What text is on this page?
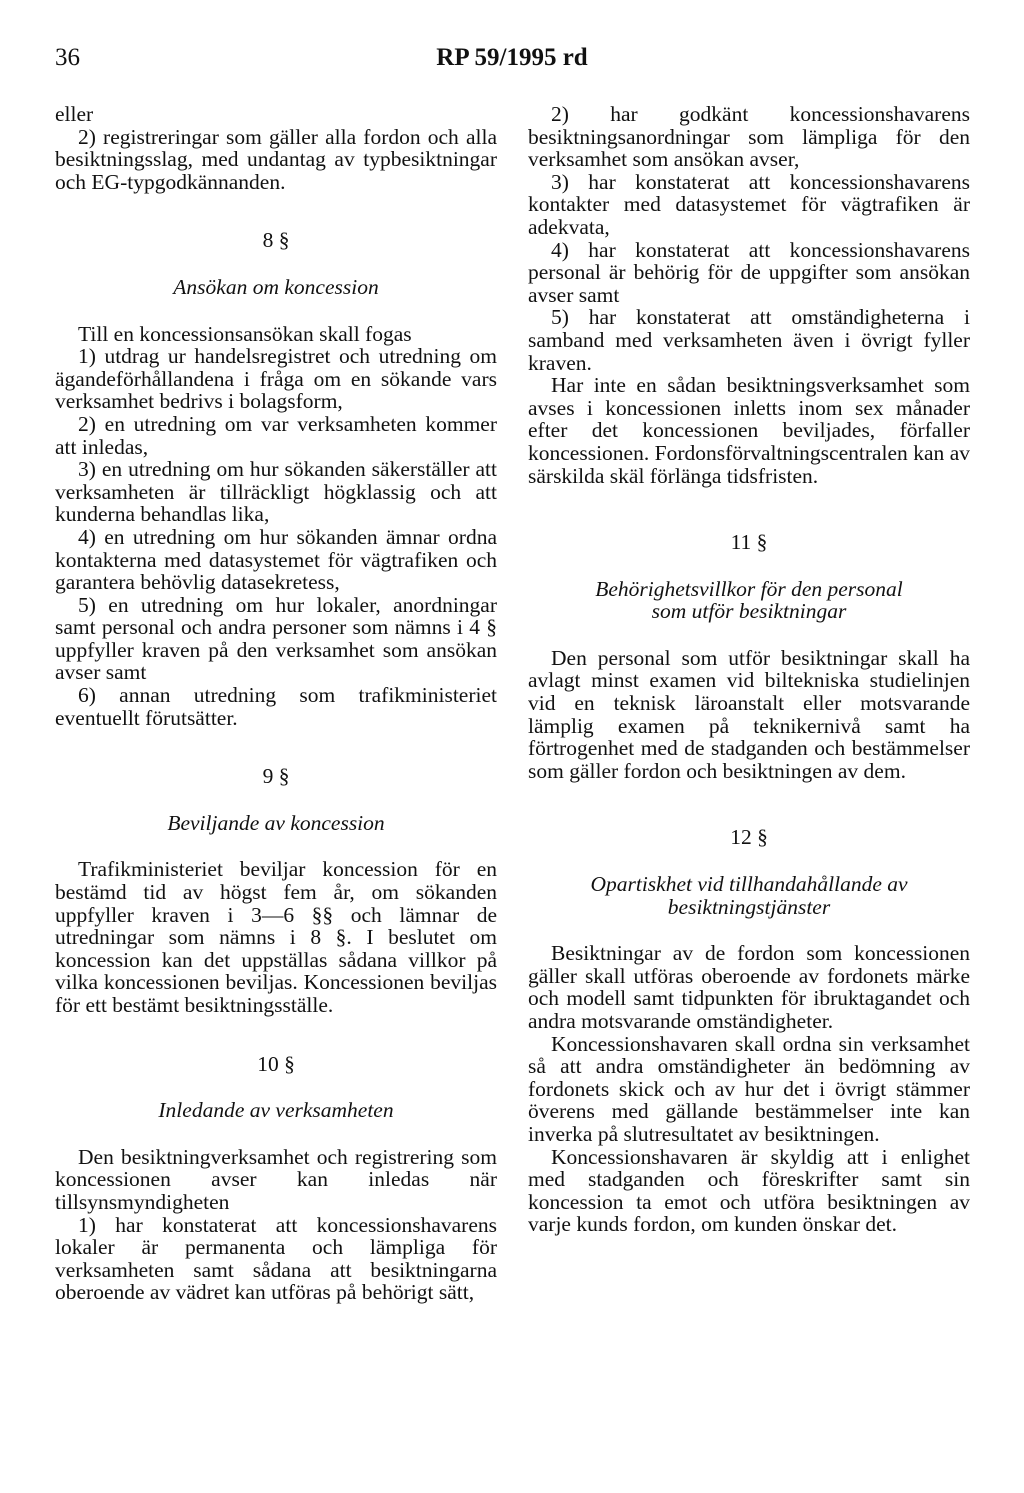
36	RP 59/1995 rd

eller

2) registreringar som gäller alla fordon och alla besiktningsslag, med undantag av typbesiktningar och EG-typgodkännanden.

8 §

Ansökan om koncession

Till en koncessionsansökan skall fogas

1) utdrag ur handelsregistret och utredning om ägandeförhållandena i fråga om en sökande vars verksamhet bedrivs i bolagsform,

2) en utredning om var verksamheten kommer att inledas,

3) en utredning om hur sökanden säkerställer att verksamheten är tillräckligt högklassig och att kunderna behandlas lika,

4) en utredning om hur sökanden ämnar ordna kontakterna med datasystemet för vägtrafiken och garantera behövlig datasekretess,

5) en utredning om hur lokaler, anordningar samt personal och andra personer som nämns i 4 § uppfyller kraven på den verksamhet som ansökan avser samt

6) annan utredning som trafikministeriet eventuellt förutsätter.

9 §

Beviljande av koncession

Trafikministeriet beviljar koncession för en bestämd tid av högst fem år, om sökanden uppfyller kraven i 3—6 §§ och lämnar de utredningar som nämns i 8 §. I beslutet om koncession kan det uppställas sådana villkor på vilka koncessionen beviljas. Koncessionen beviljas för ett bestämt besiktningsställe.

10 §

Inledande av verksamheten

Den besiktningverksamhet och registrering som koncessionen avser kan inledas när tillsynsmyndigheten

1) har konstaterat att koncessionshavarens lokaler är permanenta och lämpliga för verksamheten samt sådana att besiktningarna oberoende av vädret kan utföras på behörigt sätt,

2) har godkänt koncessionshavarens besiktningsanordningar som lämpliga för den verksamhet som ansökan avser,

3) har konstaterat att koncessionshavarens kontakter med datasystemet för vägtrafiken är adekvata,

4) har konstaterat att koncessionshavarens personal är behörig för de uppgifter som ansökan avser samt

5) har konstaterat att omständigheterna i samband med verksamheten även i övrigt fyller kraven.

Har inte en sådan besiktningsverksamhet som avses i koncessionen inletts inom sex månader efter det koncessionen beviljades, förfaller koncessionen. Fordonsförvaltningscentralen kan av särskilda skäl förlänga tidsfristen.

11 §

Behörighetsvillkor för den personal

som utför besiktningar

Den personal som utför besiktningar skall ha avlagt minst examen vid biltekniska studielinjen vid en teknisk läroanstalt eller motsvarande lämplig examen på teknikernivå samt ha förtrogenhet med de stadganden och bestämmelser som gäller fordon och besiktningen av dem.

12 §

Opartiskhet vid tillhandahållande av

besiktningstjänster

Besiktningar av de fordon som koncessionen gäller skall utföras oberoende av fordonets märke och modell samt tidpunkten för ibruktagandet och andra motsvarande omständigheter.

Koncessionshavaren skall ordna sin verksamhet så att andra omständigheter än bedömning av fordonets skick och av hur det i övrigt stämmer överens med gällande bestämmelser inte kan inverka på slutresultatet av besiktningen.

Koncessionshavaren är skyldig att i enlighet med stadganden och föreskrifter samt sin koncession ta emot och utföra besiktningen av varje kunds fordon, om kunden önskar det.
